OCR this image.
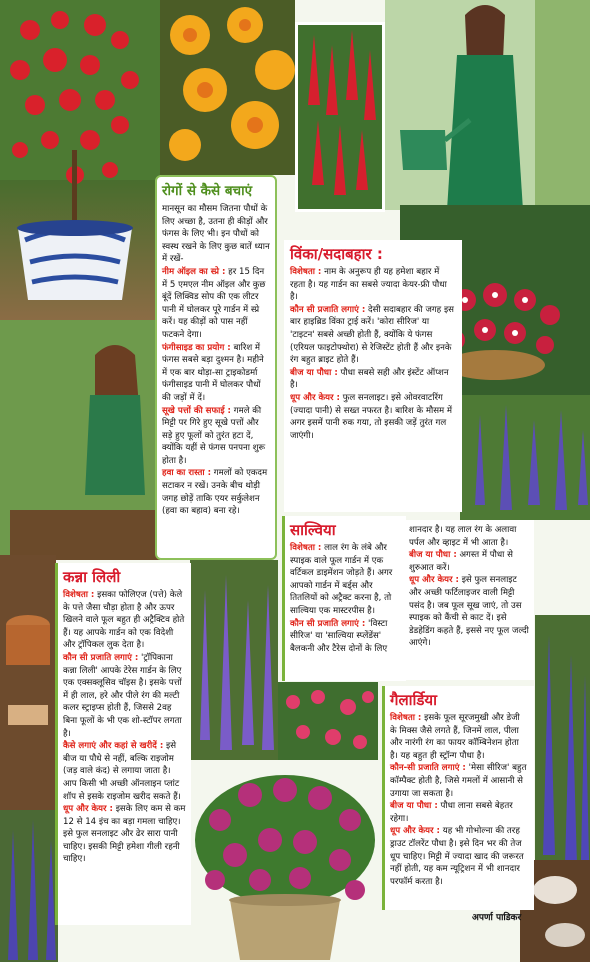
रोगों से कैसे बचाएं

मानसून का मौसम जितना पौधों के लिए अच्छा है, उतना ही कीड़ों और फंगस के लिए भी। इन पौधों को स्वस्थ रखने के लिए कुछ बातें ध्यान में रखें-

नीम ऑइल का स्प्रे : हर 15 दिन में 5 एमएल नीम ऑइल और कुछ बूंदें लिक्विड सोप की एक लीटर पानी में घोलकर पूरे गार्डन में स्प्रे करें। यह कीड़ों को पास नहीं फटकने देगा।

फंगीसाइड का प्रयोग : बारिश में फंगस सबसे बड़ा दुश्मन है। महीने में एक बार थोड़ा-सा ट्राइकोडर्मा फंगीसाइड पानी में घोलकर पौधों की जड़ों में दें।

सूखे पत्तों की सफाई : गमले की मिट्टी पर गिरे हुए सूखे पत्तों और सड़े हुए फूलों को तुरंत हटा दें, क्योंकि यहीं से फंगस पनपना शुरू होता है।

हवा का रास्ता : गमलों को एकदम सटाकर न रखें। उनके बीच थोड़ी जगह छोड़ें ताकि एयर सर्कुलेशन (हवा का बहाव) बना रहे।

विंका/सदाबहार :

विशेषता : नाम के अनुरूप ही यह हमेशा बहार में रहता है। यह गार्डन का सबसे ज्यादा केयर-फ्री पौधा है।

कौन सी प्रजाति लगाएं : देसी सदाबहार की जगह इस बार हाइब्रिड विंका ट्राई करें। 'कोरा सीरिज' या 'टाइटन' सबसे अच्छी होती हैं, क्योंकि ये फंगस (एरियल फाइटोफ्थोरा) से रेजिस्टेंट होती हैं और इनके रंग बहुत ब्राइट होते हैं।

बीज या पौधा : पौधा सबसे सही और इंस्टेंट ऑप्शन है।

धूप और केयर : फुल सनलाइट। इसे ओवरवाटरिंग (ज्यादा पानी) से सख्त नफरत है। बारिश के मौसम में अगर इसमें पानी रुक गया, तो इसकी जड़ें तुरंत गल जाएंगी।

साल्विया

विशेषता : लाल रंग के लंबे और स्पाइक वाले फूल गार्डन में एक वर्टिकल डाइमेंशन जोड़ते हैं। अगर आपको गार्डन में बर्ड्स और तितलियों को अट्रैक्ट करना है, तो साल्विया एक मास्टरपीस है।

कौन सी प्रजाति लगाएं : 'विस्टा सीरिज' या 'साल्विया स्प्लेंडेंस' बैलकनी और टैरेस दोनों के लिए

शानदार है। यह लाल रंग के अलावा पर्पल और व्हाइट में भी आता है।

बीज या पौधा : अगस्त में पौधा से शुरुआत करें।

धूप और केयर : इसे फुल सनलाइट और अच्छी फर्टिलाइजर वाली मिट्टी पसंद है। जब फूल सूख जाएं, तो उस स्पाइक को कैंची से काट दें। इसे डेडहेडिंग कहते हैं, इससे नए फूल जल्दी आएंगे।

कन्ना लिली

विशेषता : इसका फोलिएज (पत्ते) केले के पत्ते जैसा चौड़ा होता है और ऊपर खिलने वाले फूल बहुत ही अट्रैक्टिव होते हैं। यह आपके गार्डन को एक विदेशी और ट्रॉपिकल लुक देता है।

कौन सी प्रजाति लगाएं : 'ट्रॉपिकाना कन्ना लिली' आपके टेरेस गार्डन के लिए एक एक्सक्लूसिव चॉइस है। इसके पत्तों में ही लाल, हरे और पीले रंग की मल्टी कलर स्ट्राइप्स होती हैं, जिससे 2वह बिना फूलों के भी एक शो-स्टॉपर लगता है।

कैसे लगाएं और कहां से खरीदें : इसे बीज या पौधे से नहीं, बल्कि राइजोम (जड़ वाले कंद) से लगाया जाता है। आप किसी भी अच्छी ऑनलाइन प्लांट शॉप से इसके राइजोम खरीद सकते हैं।

धूप और केयर : इसके लिए कम से कम 12 से 14 इंच का बड़ा गमला चाहिए। इसे फुल सनलाइट और ढेर सारा पानी चाहिए। इसकी मिट्टी हमेशा गीली रहनी चाहिए।

गैलार्डिया

विशेषता : इसके फूल सूरजमुखी और डेजी के मिक्स जैसे लगते हैं, जिनमें लाल, पीला और नारंगी रंग का फायर कॉम्बिनेशन होता है। यह बहुत ही स्ट्रॉन्ग पौधा है।

कौन-सी प्रजाति लगाएं : 'मेसा सीरिज' बहुत कॉम्पैक्ट होती है, जिसे गमलों में आसानी से उगाया जा सकता है।

बीज या पौधा : पौधा लाना सबसे बेहतर रहेगा।

धूप और केयर : यह भी गोभोल्ना की तरह ड्राउट टॉलरेंट पौधा है। इसे दिन भर की तेज धूप चाहिए। मिट्टी में ज्यादा खाद की जरूरत नहीं होती, यह कम न्यूट्रिशन में भी शानदार परफॉर्म करता है।

अपर्णा पाडिकर
